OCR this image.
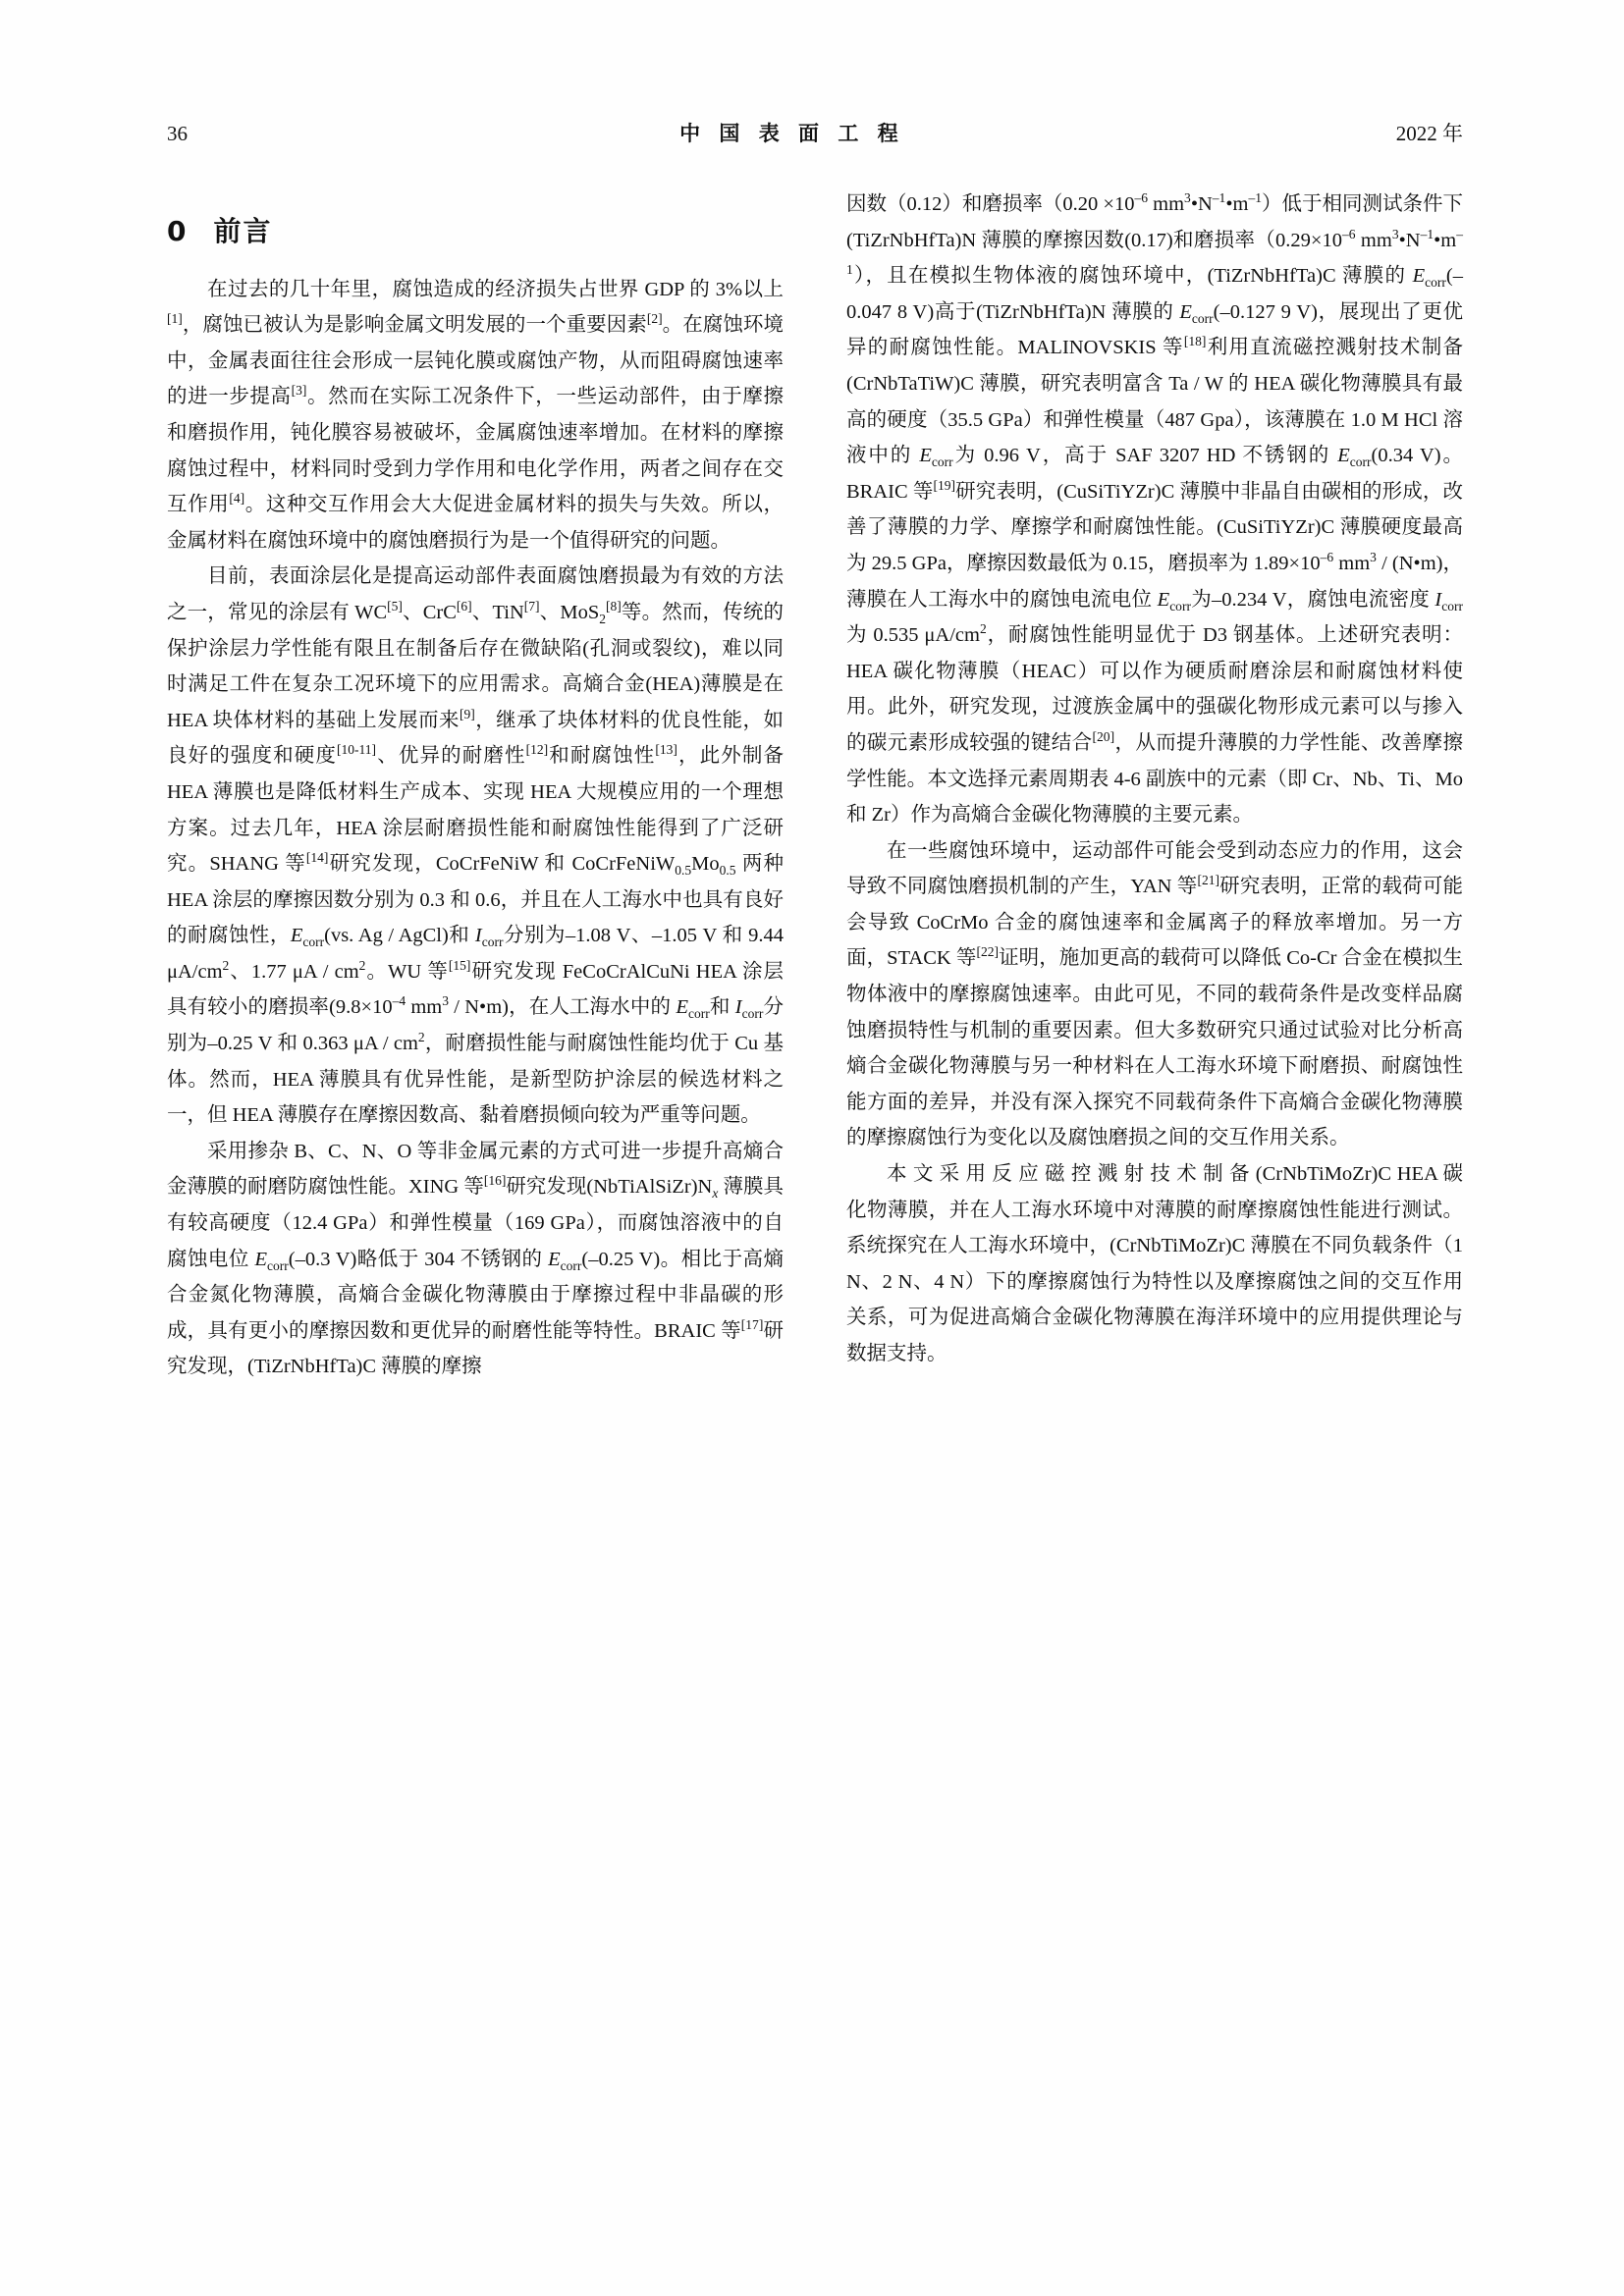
36	中 国 表 面 工 程	2022 年
0 前言

在过去的几十年里，腐蚀造成的经济损失占世界 GDP 的 3%以上[1]，腐蚀已被认为是影响金属文明发展的一个重要因素[2]。在腐蚀环境中，金属表面往往会形成一层钝化膜或腐蚀产物，从而阻碍腐蚀速率的进一步提高[3]。然而在实际工况条件下，一些运动部件，由于摩擦和磨损作用，钝化膜容易被破坏，金属腐蚀速率增加。在材料的摩擦腐蚀过程中，材料同时受到力学作用和电化学作用，两者之间存在交互作用[4]。这种交互作用会大大促进金属材料的损失与失效。所以，金属材料在腐蚀环境中的腐蚀磨损行为是一个值得研究的问题。

目前，表面涂层化是提高运动部件表面腐蚀磨损最为有效的方法之一，常见的涂层有 WC[5]、CrC[6]、TiN[7]、MoS$_2$[8]等。然而，传统的保护涂层力学性能有限且在制备后存在微缺陷(孔洞或裂纹)，难以同时满足工件在复杂工况环境下的应用需求。高熵合金(HEA)薄膜是在 HEA 块体材料的基础上发展而来[9]，继承了块体材料的优良性能，如良好的强度和硬度[10-11]、优异的耐磨性[12]和耐腐蚀性[13]，此外制备 HEA 薄膜也是降低材料生产成本、实现 HEA 大规模应用的一个理想方案。过去几年，HEA 涂层耐磨损性能和耐腐蚀性能得到了广泛研究。SHANG 等[14]研究发现，CoCrFeNiW 和 $CoCrFeNiW_{0.5}Mo_{0.5}$ 两种 HEA 涂层的摩擦因数分别为 0.3 和 0.6，并且在人工海水中也具有良好的耐腐蚀性，$E_{corr}(vs$. Ag / AgCl)和 $I_{corr}$分别为–1.08 V、–1.05 V 和 9.44 $\mu A/cm^2$、1.77 μA / $cm^2$。WU 等[15]研究发现 FeCoCrAlCuNi HEA 涂层具有较小的磨损率($9.8\times 10^{-4}$ $mm^3$ / N•m)，在人工海水中的 $E_{corr}$和 $I_{corr}$分别为–0.25 V 和 0.363 μA / $cm^2$，耐磨损性能与耐腐蚀性能均优于 Cu 基体。然而，HEA 薄膜具有优异性能，是新型防护涂层的候选材料之一，但 HEA 薄膜存在摩擦因数高、黏着磨损倾向较为严重等问题。

采用掺杂 B、C、N、O 等非金属元素的方式可进一步提升高熵合金薄膜的耐磨防腐蚀性能。XING 等[16]研究发现$(NbTiAlSiZr)N_x$ 薄膜具有较高硬度（12.4 GPa）和弹性模量（169 GPa），而腐蚀溶液中的自腐蚀电位 $E_{corr}(-0.3$ V)略低于 304 不锈钢的 $E_{corr}(-0.25$ V)。相比于高熵合金氮化物薄膜，高熵合金碳化物薄膜由于摩擦过程中非晶碳的形成，具有更小的摩擦因数和更优异的耐磨性能等特性。BRAIC 等[17]研究发现，(TiZrNbHfTa)C 薄膜的摩擦

因数（0.12）和磨损率（$0.20 \times 10^{-6}$ $mm^3•N^{-1}•m^{-1}$）低于相同测试条件下(TiZrNbHfTa)N 薄膜的摩擦因数(0.17)和磨损率（$0.29\times 10^{-6}$ $mm^3•N^{-1}•m^{-1}$），且在模拟生物体液的腐蚀环境中，(TiZrNbHfTa)C 薄膜的 $E_{corr}(-0.047$ 8 V)高于(TiZrNbHfTa)N 薄膜的 $E_{corr}(-0.127$ 9 V)，展现出了更优异的耐腐蚀性能。MALINOVSKIS 等[18]利用直流磁控溅射技术制备(CrNbTaTiW)C 薄膜，研究表明富含 Ta / W 的 HEA 碳化物薄膜具有最高的硬度（35.5 GPa）和弹性模量（487 Gpa），该薄膜在 1.0 M HCl 溶液中的 $E_{corr}$为 0.96 V，高于 SAF 3207 HD 不锈钢的 $E_{corr}(0.34$ V)。BRAIC 等[19]研究表明，(CuSiTiYZr)C 薄膜中非晶自由碳相的形成，改善了薄膜的力学、摩擦学和耐腐蚀性能。(CuSiTiYZr)C 薄膜硬度最高为 29.5 GPa，摩擦因数最低为 0.15，磨损率为 $1.89\times 10^{-6}$ $mm^3$ / (N•m)，薄膜在人工海水中的腐蚀电流电位 $E_{corr}$为–0.234 V，腐蚀电流密度 $I_{corr}$为 0.535 $\mu A/cm^2$，耐腐蚀性能明显优于 D3 钢基体。上述研究表明：HEA 碳化物薄膜（HEAC）可以作为硬质耐磨涂层和耐腐蚀材料使用。此外，研究发现，过渡族金属中的强碳化物形成元素可以与掺入的碳元素形成较强的键结合[20]，从而提升薄膜的力学性能、改善摩擦学性能。本文选择元素周期表 4-6 副族中的元素（即 Cr、Nb、Ti、Mo 和 Zr）作为高熵合金碳化物薄膜的主要元素。

在一些腐蚀环境中，运动部件可能会受到动态应力的作用，这会导致不同腐蚀磨损机制的产生，YAN 等[21]研究表明，正常的载荷可能会导致 CoCrMo 合金的腐蚀速率和金属离子的释放率增加。另一方面，STACK 等[22]证明，施加更高的载荷可以降低 Co-Cr 合金在模拟生物体液中的摩擦腐蚀速率。由此可见，不同的载荷条件是改变样品腐蚀磨损特性与机制的重要因素。但大多数研究只通过试验对比分析高熵合金碳化物薄膜与另一种材料在人工海水环境下耐磨损、耐腐蚀性能方面的差异，并没有深入探究不同载荷条件下高熵合金碳化物薄膜的摩擦腐蚀行为变化以及腐蚀磨损之间的交互作用关系。

本 文 采 用 反 应 磁 控 溅 射 技 术 制 备 (CrNbTiMoZr)C HEA 碳化物薄膜，并在人工海水环境中对薄膜的耐摩擦腐蚀性能进行测试。系统探究在人工海水环境中，(CrNbTiMoZr)C 薄膜在不同负载条件（1 N、2 N、4 N）下的摩擦腐蚀行为特性以及摩擦腐蚀之间的交互作用关系，可为促进高熵合金碳化物薄膜在海洋环境中的应用提供理论与数据支持。
